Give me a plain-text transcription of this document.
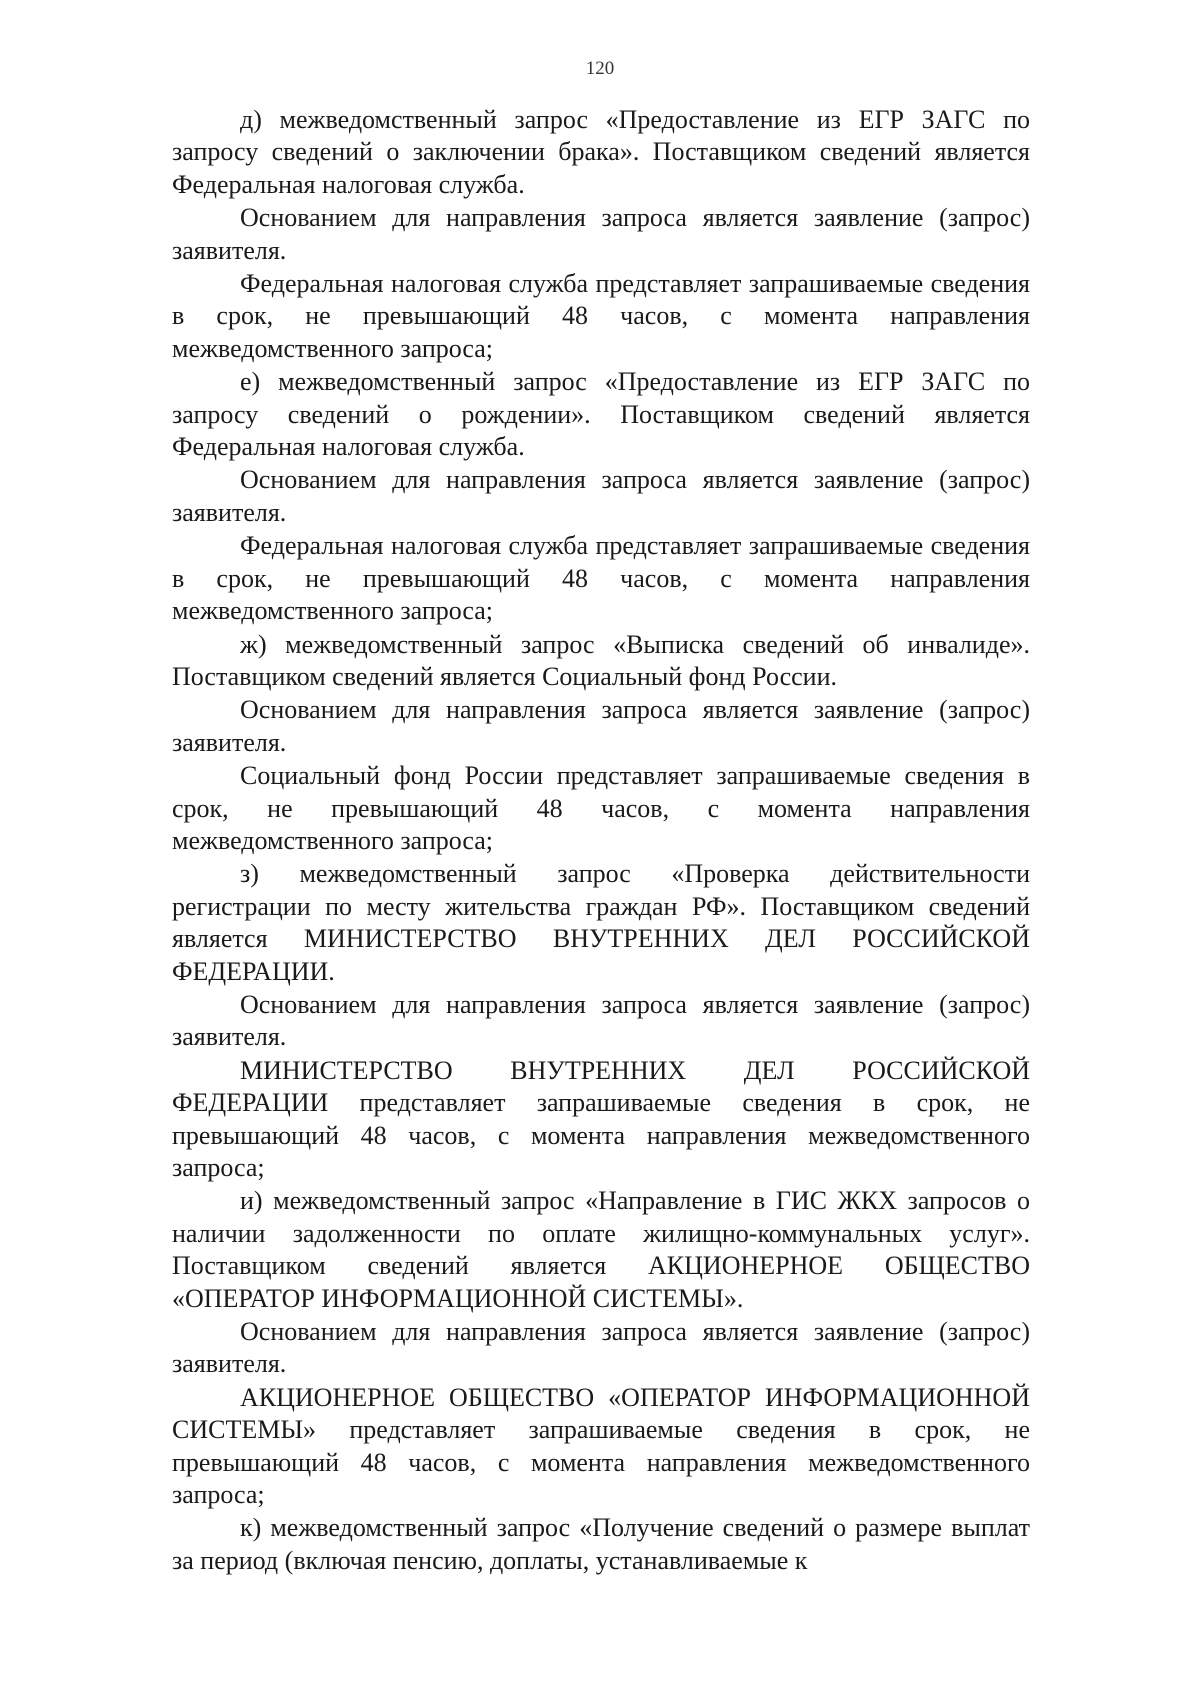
120

д) межведомственный запрос «Предоставление из ЕГР ЗАГС по запросу сведений о заключении брака». Поставщиком сведений является Федеральная налоговая служба.

Основанием для направления запроса является заявление (запрос) заявителя.

Федеральная налоговая служба представляет запрашиваемые сведения в срок, не превышающий 48 часов, с момента направления межведомственного запроса;

е) межведомственный запрос «Предоставление из ЕГР ЗАГС по запросу сведений о рождении». Поставщиком сведений является Федеральная налоговая служба.

Основанием для направления запроса является заявление (запрос) заявителя.

Федеральная налоговая служба представляет запрашиваемые сведения в срок, не превышающий 48 часов, с момента направления межведомственного запроса;

ж) межведомственный запрос «Выписка сведений об инвалиде». Поставщиком сведений является Социальный фонд России.

Основанием для направления запроса является заявление (запрос) заявителя.

Социальный фонд России представляет запрашиваемые сведения в срок, не превышающий 48 часов, с момента направления межведомственного запроса;

з) межведомственный запрос «Проверка действительности регистрации по месту жительства граждан РФ». Поставщиком сведений является МИНИСТЕРСТВО ВНУТРЕННИХ ДЕЛ РОССИЙСКОЙ ФЕДЕРАЦИИ.

Основанием для направления запроса является заявление (запрос) заявителя.

МИНИСТЕРСТВО ВНУТРЕННИХ ДЕЛ РОССИЙСКОЙ ФЕДЕРАЦИИ представляет запрашиваемые сведения в срок, не превышающий 48 часов, с момента направления межведомственного запроса;

и) межведомственный запрос «Направление в ГИС ЖКХ запросов о наличии задолженности по оплате жилищно-коммунальных услуг». Поставщиком сведений является АКЦИОНЕРНОЕ ОБЩЕСТВО «ОПЕРАТОР ИНФОРМАЦИОННОЙ СИСТЕМЫ».

Основанием для направления запроса является заявление (запрос) заявителя.

АКЦИОНЕРНОЕ ОБЩЕСТВО «ОПЕРАТОР ИНФОРМАЦИОННОЙ СИСТЕМЫ» представляет запрашиваемые сведения в срок, не превышающий 48 часов, с момента направления межведомственного запроса;

к) межведомственный запрос «Получение сведений о размере выплат за период (включая пенсию, доплаты, устанавливаемые к
